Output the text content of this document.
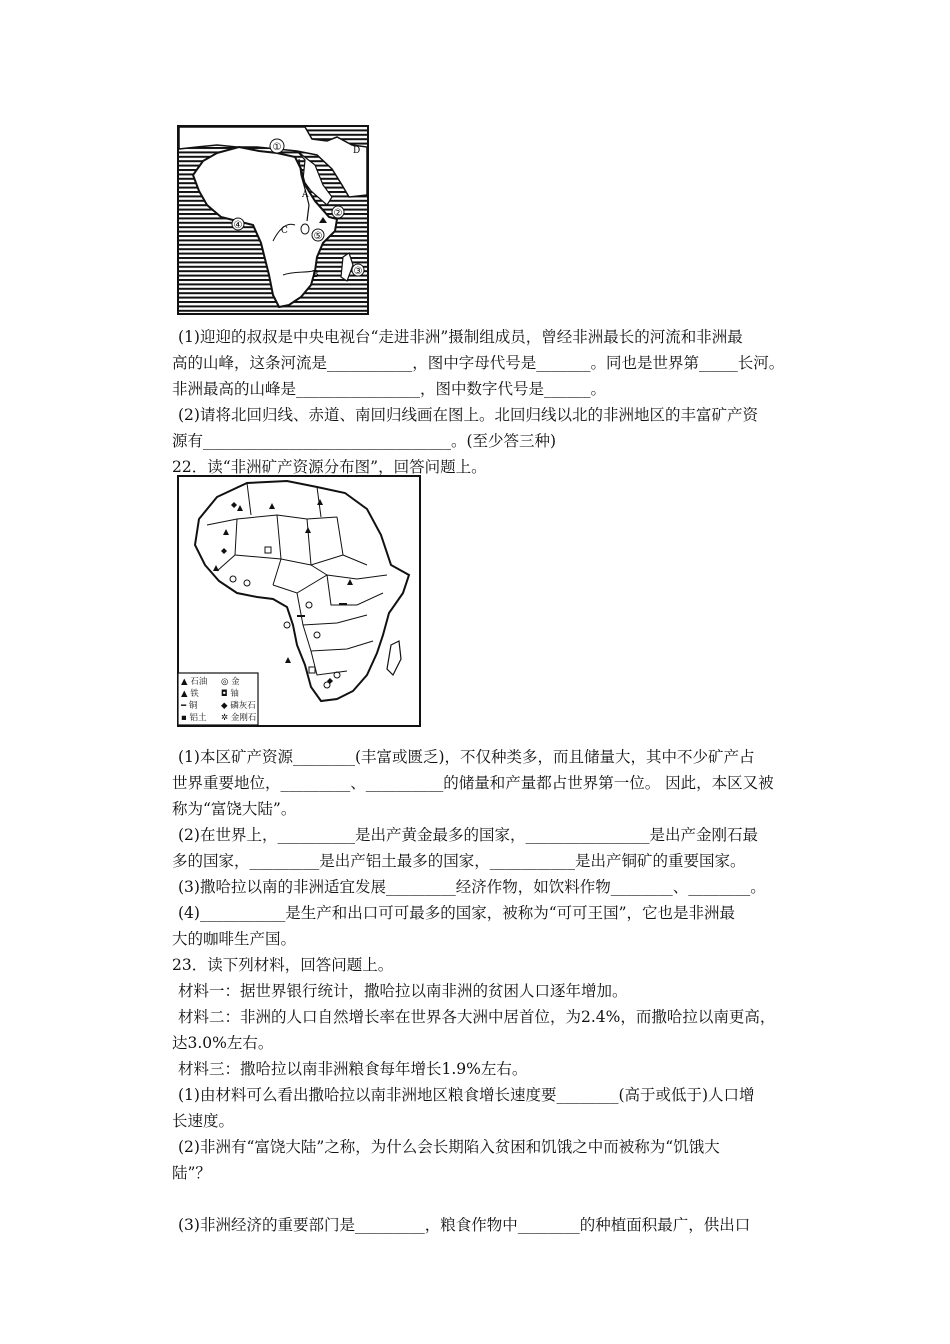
①	D
A
②
④	C	⑤
B	③
(1)迎迎的叔叔是中央电视台“走进非洲”摄制组成员，曾经非洲最长的河流和非洲最
高的山峰，这条河流是___________，图中字母代号是_______。同也是世界第_____长河。
非洲最高的山峰是________________，图中数字代号是______。
(2)请将北回归线、赤道、南回归线画在图上。北回归线以北的非洲地区的丰富矿产资
源有________________________________。(至少答三种)
22．读“非洲矿产资源分布图”，回答问题上。
▲ 石油 ◎ 金
▲ 铁	◘ 铀
━ 铜	◆ 磷灰石
▪ 铝土 ✲ 金刚石
(1)本区矿产资源________(丰富或匮乏)，不仅种类多，而且储量大，其中不少矿产占
世界重要地位，_________、__________的储量和产量都占世界第一位。 因此，本区又被
称为“富饶大陆”。
(2)在世界上，__________是出产黄金最多的国家，________________是出产金刚石最
多的国家，_________是出产铝土最多的国家，___________是出产铜矿的重要国家。
(3)撒哈拉以南的非洲适宜发展_________经济作物，如饮料作物________、________。
(4)___________是生产和出口可可最多的国家，被称为“可可王国”，它也是非洲最
大的咖啡生产国。
23．读下列材料，回答问题上。
材料一：据世界银行统计，撒哈拉以南非洲的贫困人口逐年增加。
材料二：非洲的人口自然增长率在世界各大洲中居首位，为2.4%，而撒哈拉以南更高，
达3.0%左右。
材料三：撒哈拉以南非洲粮食每年增长1.9%左右。
(1)由材料可么看出撒哈拉以南非洲地区粮食增长速度要________(高于或低于)人口增
长速度。
(2)非洲有“富饶大陆”之称，为什么会长期陷入贫困和饥饿之中而被称为“饥饿大
陆”？
(3)非洲经济的重要部门是_________，粮食作物中________的种植面积最广，供出口
